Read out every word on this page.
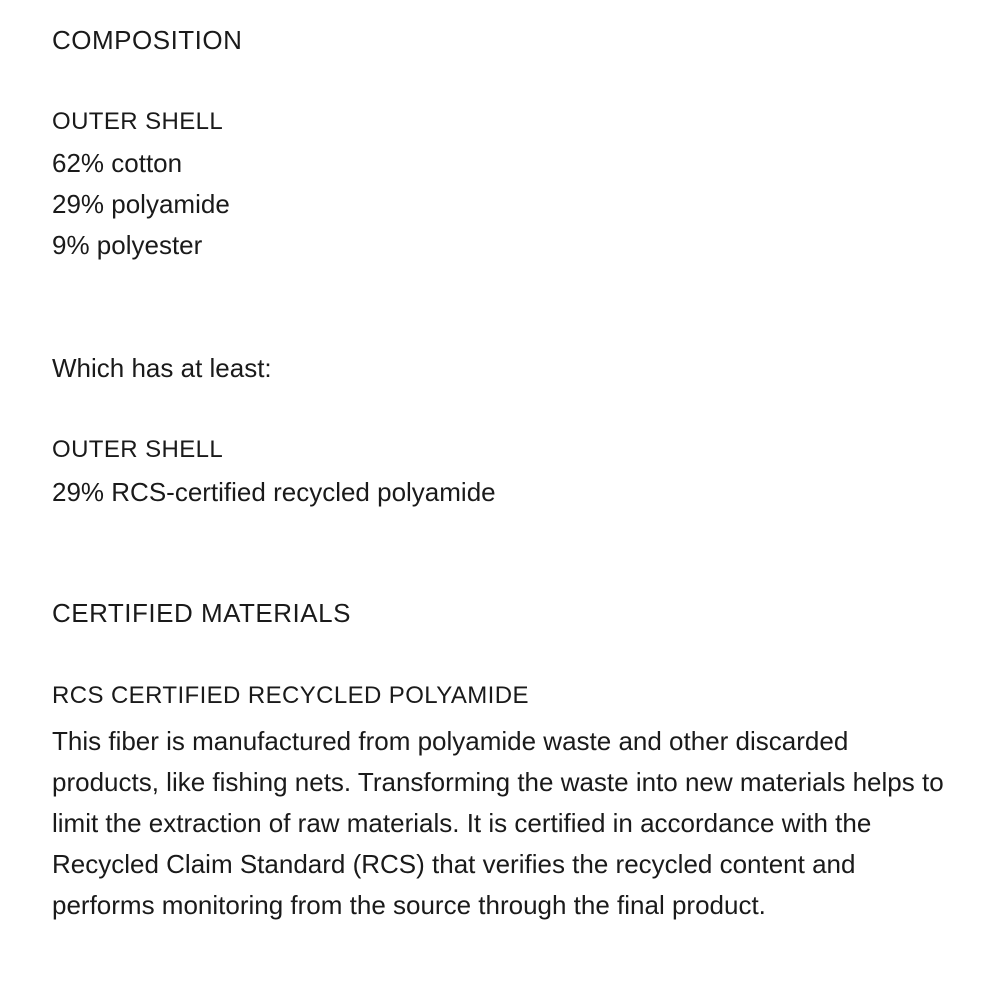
COMPOSITION
OUTER SHELL
62% cotton
29% polyamide
9% polyester
Which has at least:
OUTER SHELL
29% RCS-certified recycled polyamide
CERTIFIED MATERIALS
RCS CERTIFIED RECYCLED POLYAMIDE

This fiber is manufactured from polyamide waste and other discarded products, like fishing nets. Transforming the waste into new materials helps to limit the extraction of raw materials. It is certified in accordance with the Recycled Claim Standard (RCS) that verifies the recycled content and performs monitoring from the source through the final product.
